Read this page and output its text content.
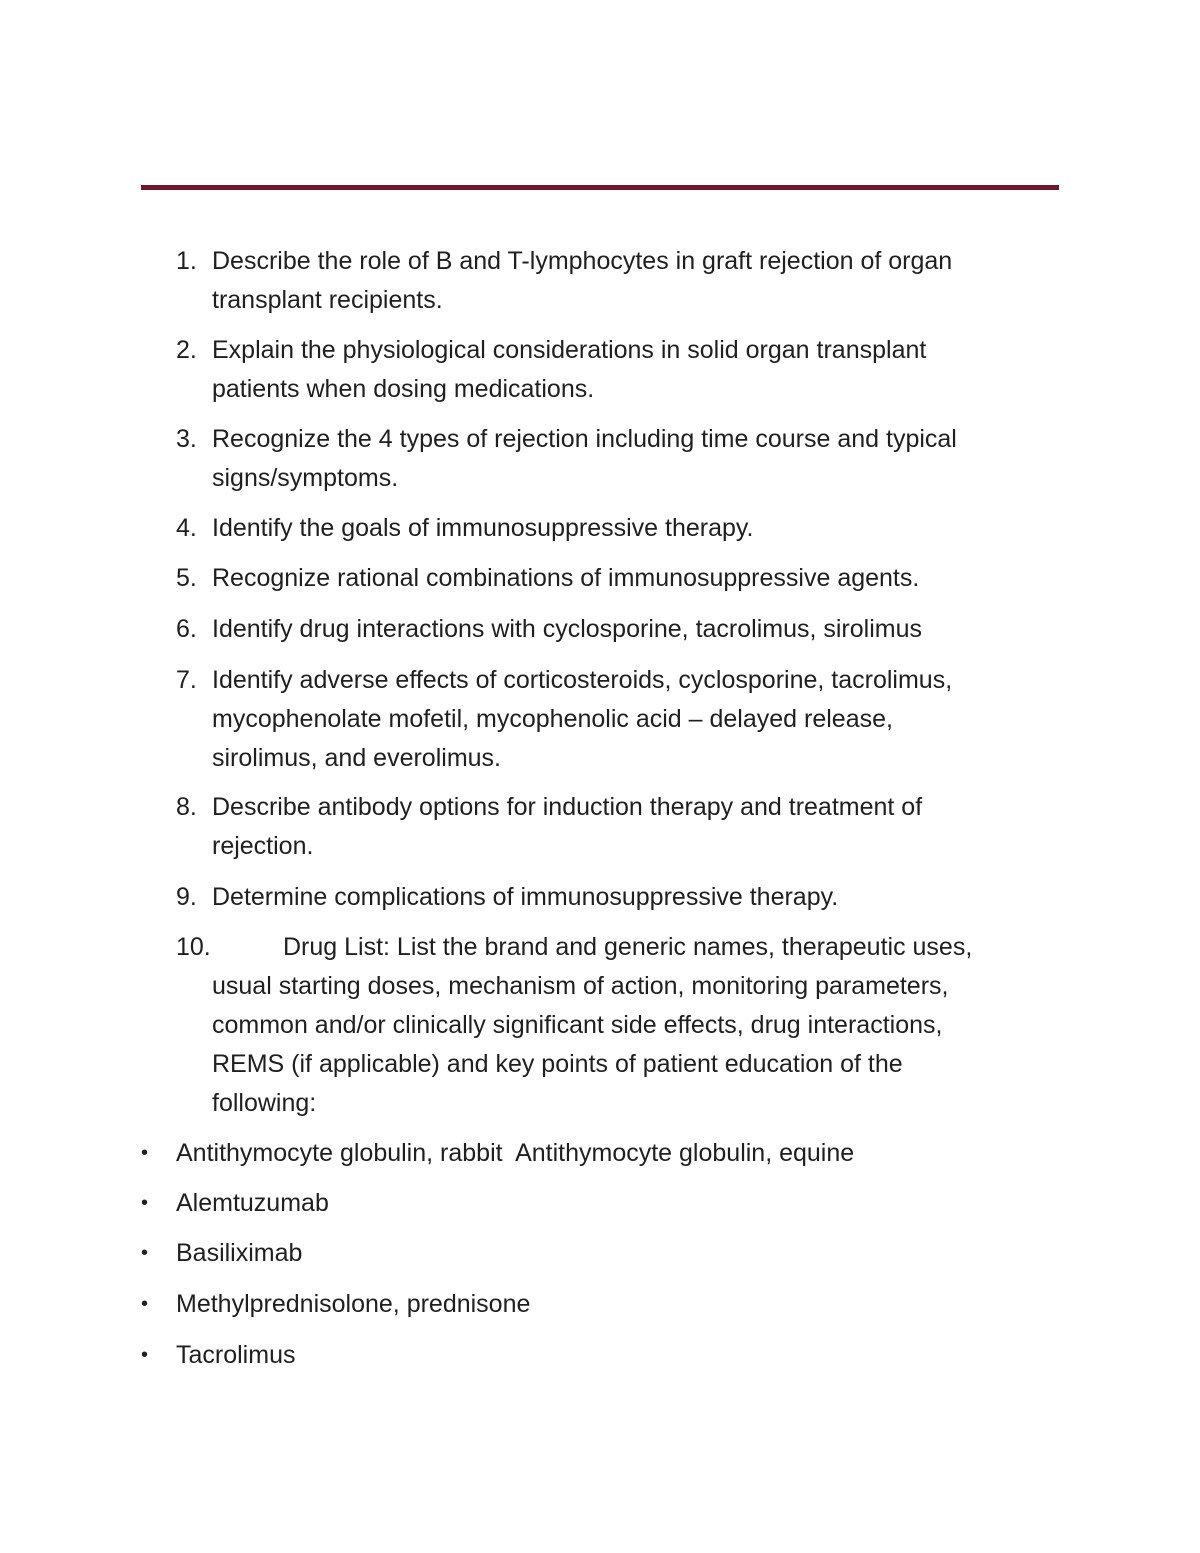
1. Describe the role of B and T-lymphocytes in graft rejection of organ
transplant recipients.
2. Explain the physiological considerations in solid organ transplant
patients when dosing medications.
3. Recognize the 4 types of rejection including time course and typical
signs/symptoms.
4. Identify the goals of immunosuppressive therapy.
5. Recognize rational combinations of immunosuppressive agents.
6. Identify drug interactions with cyclosporine, tacrolimus, sirolimus
7. Identify adverse effects of corticosteroids, cyclosporine, tacrolimus,
mycophenolate mofetil, mycophenolic acid – delayed release,
sirolimus, and everolimus.
8. Describe antibody options for induction therapy and treatment of
rejection.
9. Determine complications of immunosuppressive therapy.
10.	Drug List: List the brand and generic names, therapeutic uses,
usual starting doses, mechanism of action, monitoring parameters,
common and/or clinically significant side effects, drug interactions,
REMS (if applicable) and key points of patient education of the
following:
• Antithymocyte globulin, rabbit  Antithymocyte globulin, equine
• Alemtuzumab
• Basiliximab
• Methylprednisolone, prednisone
• Tacrolimus
